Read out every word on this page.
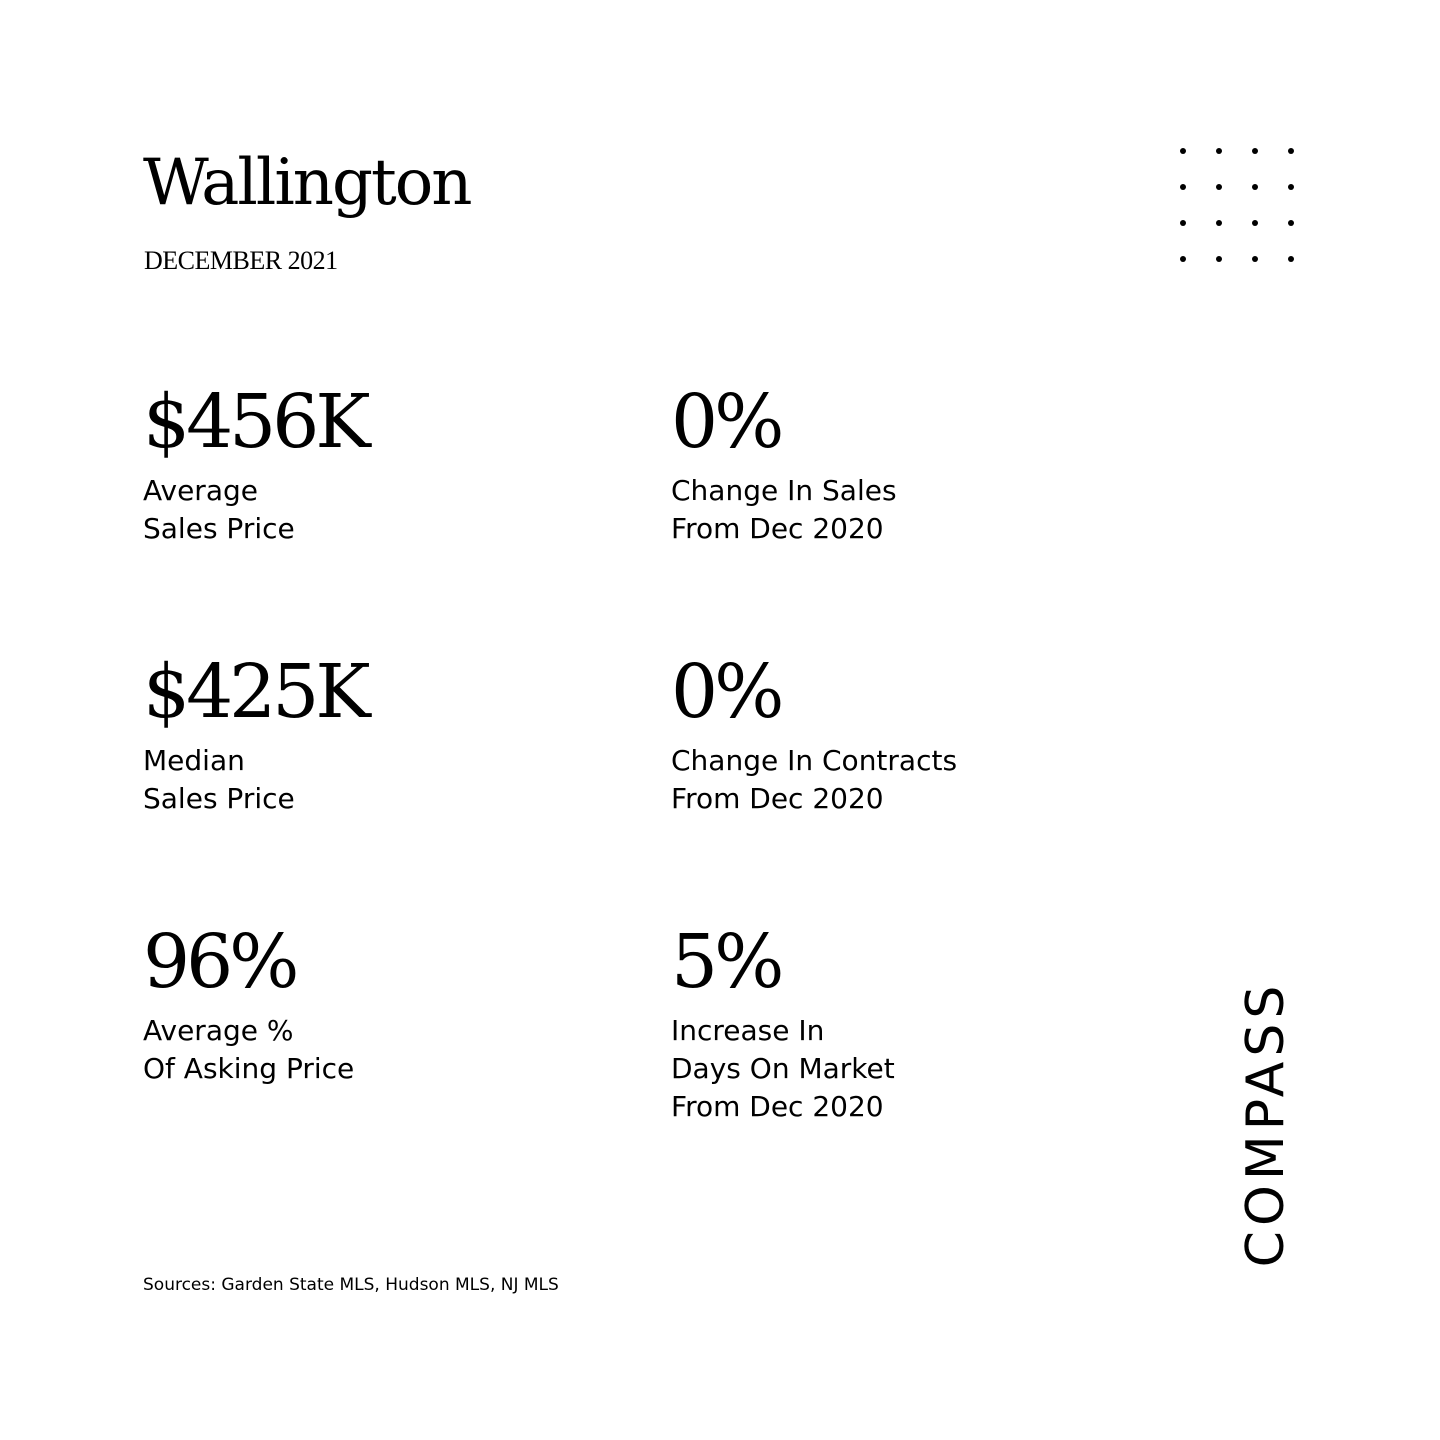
Wallington
DECEMBER 2021
$456K
Average
Sales Price
0%
Change In Sales
From Dec 2020
$425K
Median
Sales Price
0%
Change In Contracts
From Dec 2020
96%
Average %
Of Asking Price
5%
Increase In
Days On Market
From Dec 2020
Sources: Garden State MLS, Hudson MLS, NJ MLS
COMPASS
